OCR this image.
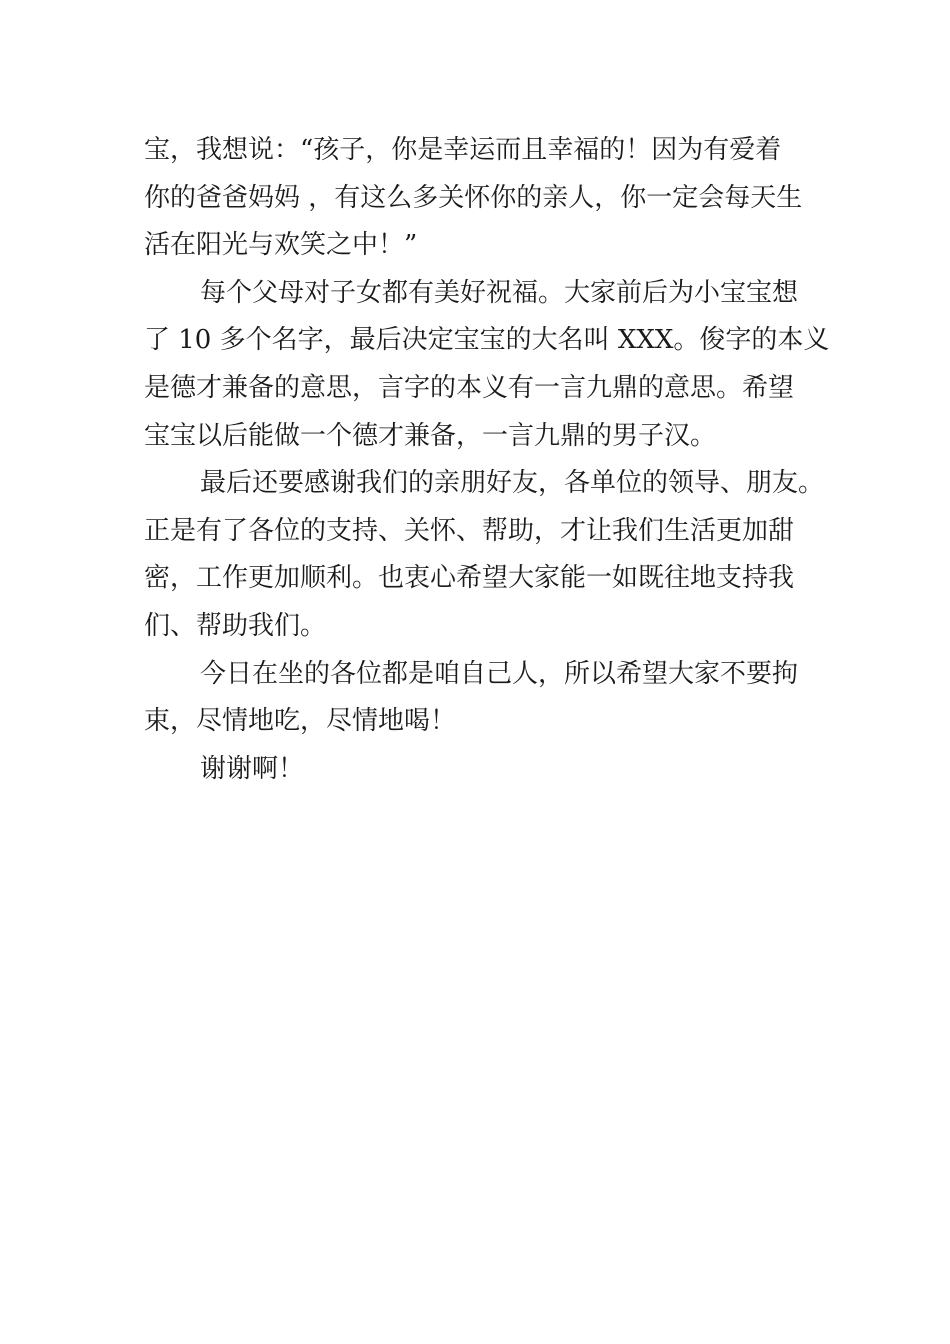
宝，我想说：“孩子，你是幸运而且幸福的！因为有爱着
你的爸爸妈妈 ，有这么多关怀你的亲人，你一定会每天生
活在阳光与欢笑之中！”

每个父母对子女都有美好祝福。大家前后为小宝宝想
了 10 多个名字，最后决定宝宝的大名叫 XXX。俊字的本义
是德才兼备的意思，言字的本义有一言九鼎的意思。希望
宝宝以后能做一个德才兼备，一言九鼎的男子汉。

最后还要感谢我们的亲朋好友，各单位的领导、朋友。
正是有了各位的支持、关怀、帮助，才让我们生活更加甜
密，工作更加顺利。也衷心希望大家能一如既往地支持我
们、帮助我们。

今日在坐的各位都是咱自己人，所以希望大家不要拘
束，尽情地吃，尽情地喝！

谢谢啊！
